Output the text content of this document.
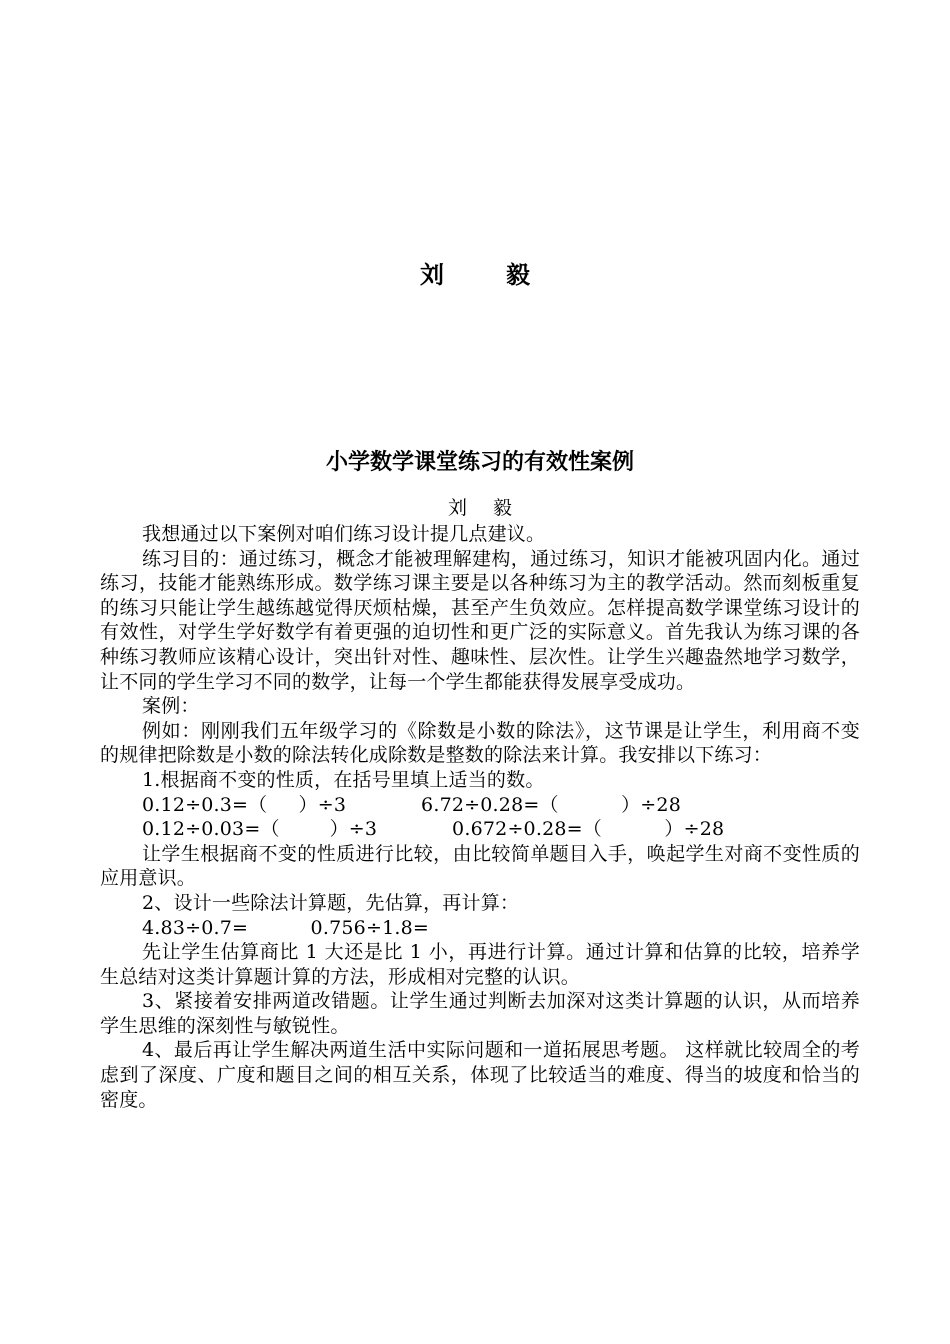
刘	毅
小学数学课堂练习的有效性案例

刘 毅

我想通过以下案例对咱们练习设计提几点建议。

练习目的：通过练习，概念才能被理解建构，通过练习，知识才能被巩固内化。通过练习，技能才能熟练形成。数学练习课主要是以各种练习为主的教学活动。然而刻板重复的练习只能让学生越练越觉得厌烦枯燥，甚至产生负效应。怎样提高数学课堂练习设计的有效性，对学生学好数学有着更强的迫切性和更广泛的实际意义。首先我认为练习课的各种练习教师应该精心设计，突出针对性、趣味性、层次性。让学生兴趣盎然地学习数学，让不同的学生学习不同的数学，让每一个学生都能获得发展享受成功。

案例：

例如：刚刚我们五年级学习的《除数是小数的除法》，这节课是让学生，利用商不变的规律把除数是小数的除法转化成除数是整数的除法来计算。我安排以下练习：

1.根据商不变的性质，在括号里填上适当的数。

0.12÷0.3=（     ）÷3            6.72÷0.28=（          ）÷28

0.12÷0.03=（        ）÷3            0.672÷0.28=（          ）÷28

让学生根据商不变的性质进行比较，由比较简单题目入手，唤起学生对商不变性质的应用意识。

2、设计一些除法计算题，先估算，再计算：

4.83÷0.7=          0.756÷1.8=

先让学生估算商比 1 大还是比 1 小，再进行计算。通过计算和估算的比较，培养学生总结对这类计算题计算的方法，形成相对完整的认识。

3、紧接着安排两道改错题。让学生通过判断去加深对这类计算题的认识，从而培养学生思维的深刻性与敏锐性。

4、最后再让学生解决两道生活中实际问题和一道拓展思考题。 这样就比较周全的考虑到了深度、广度和题目之间的相互关系，体现了比较适当的难度、得当的坡度和恰当的密度。
